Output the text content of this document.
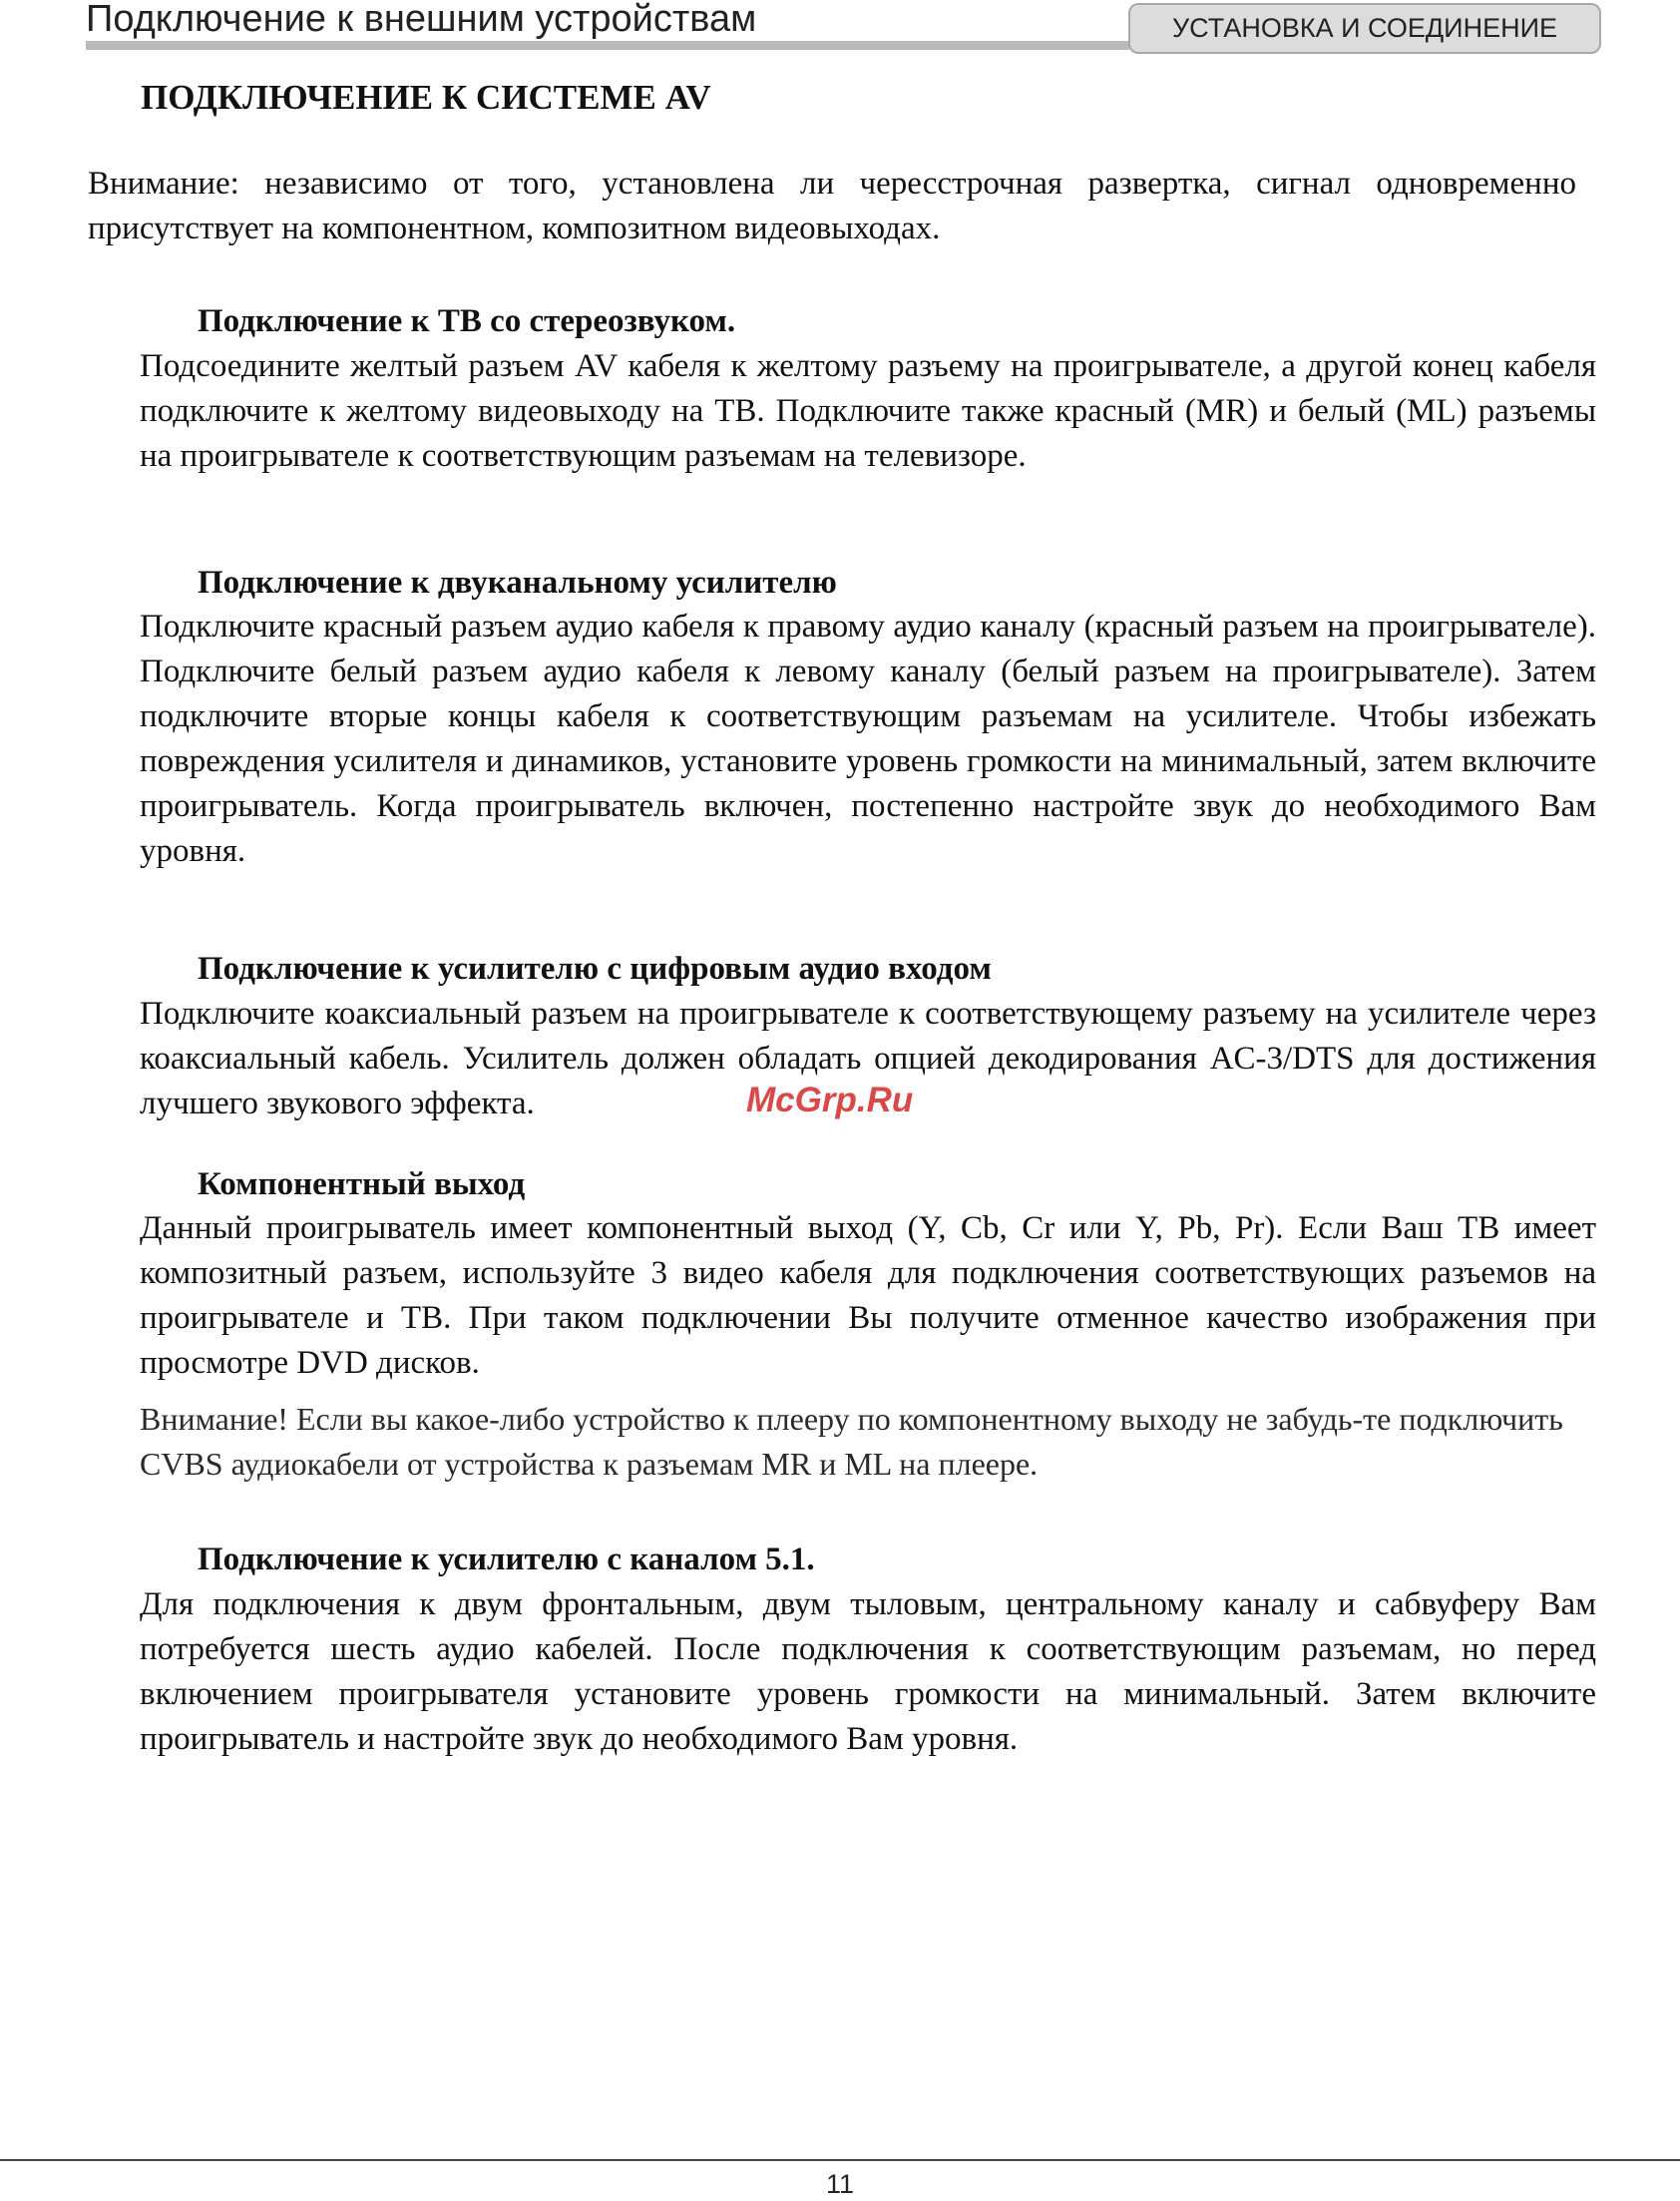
Подключение к внешним устройствам	УСТАНОВКА И СОЕДИНЕНИЕ
ПОДКЛЮЧЕНИЕ К СИСТЕМЕ AV
Внимание: независимо от того, установлена ли чересстрочная развертка, сигнал одновременно присутствует на компонентном, композитном видеовыходах.
Подключение к ТВ со стереозвуком.
Подсоедините желтый разъем AV кабеля к желтому разъему на проигрывателе, а другой конец кабеля подключите к желтому видеовыходу на ТВ. Подключите также красный (MR) и белый (ML) разъемы на проигрывателе к соответствующим разъемам на телевизоре.
Подключение к двуканальному усилителю
Подключите красный разъем аудио кабеля к правому аудио каналу (красный разъем на проигрывателе). Подключите белый разъем аудио кабеля к левому каналу (белый разъем на проигрывателе). Затем подключите вторые концы кабеля к соответствующим разъемам на усилителе. Чтобы избежать повреждения усилителя и динамиков, установите уровень громкости на минимальный, затем включите проигрыватель. Когда проигрыватель включен, постепенно настройте звук до необходимого Вам уровня.
Подключение к усилителю с цифровым аудио входом
Подключите коаксиальный разъем на проигрывателе к соответствующему разъему на усилителе через коаксиальный кабель. Усилитель должен обладать опцией декодирования AC-3/DTS для достижения лучшего звукового эффекта.
Компонентный выход
Данный проигрыватель имеет компонентный выход (Y, Cb, Cr или Y, Pb, Pr). Если Ваш ТВ имеет композитный разъем, используйте 3 видео кабеля для подключения соответствующих разъемов на проигрывателе и ТВ. При таком подключении Вы получите отменное качество изображения при просмотре DVD дисков.
Внимание! Если вы какое-либо устройство к плееру по компонентному выходу не забудь-те подключить CVBS аудиокабели от устройства к разъемам MR и ML на плеере.
Подключение к усилителю с каналом 5.1.
Для подключения к двум фронтальным, двум тыловым, центральному каналу и сабвуферу Вам потребуется шесть аудио кабелей. После подключения к соответствующим разъемам, но перед включением проигрывателя установите уровень громкости на минимальный. Затем включите проигрыватель и настройте звук до необходимого Вам уровня.
McGrp.Ru
11
